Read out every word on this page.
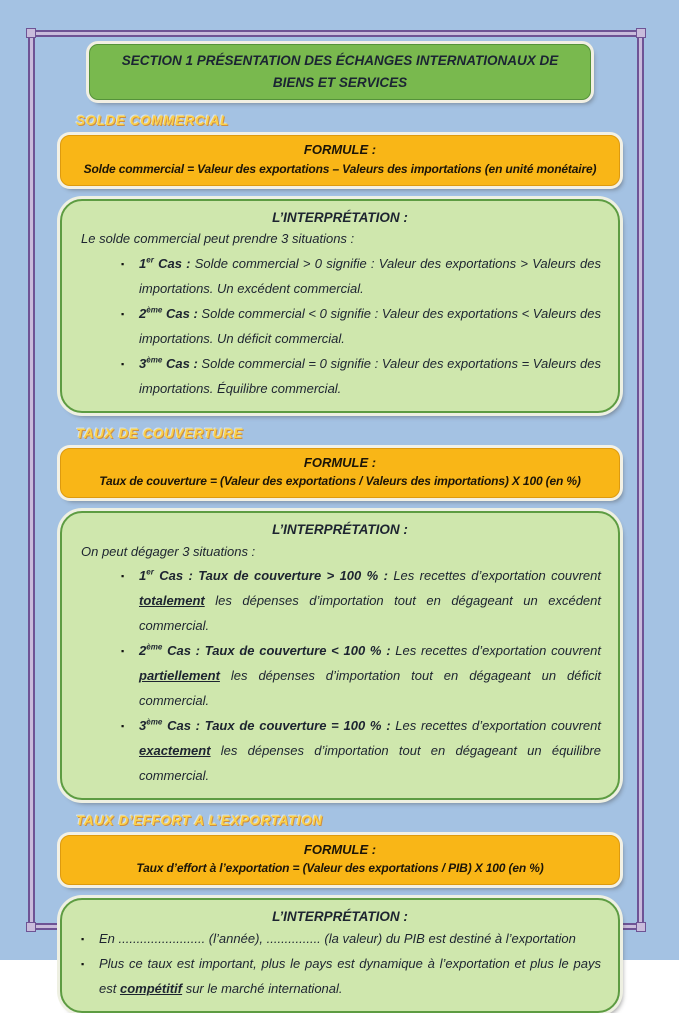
SECTION 1 PRÉSENTATION DES ÉCHANGES INTERNATIONAUX DE BIENS ET SERVICES
SOLDE COMMERCIAL
FORMULE :
Solde commercial = Valeur des exportations – Valeurs des importations (en unité monétaire)
L’INTERPRÉTATION :
Le solde commercial peut prendre 3 situations :
▪	1er Cas : Solde commercial > 0 signifie : Valeur des exportations > Valeurs des importations. Un excédent commercial.
▪	2ème Cas : Solde commercial < 0 signifie : Valeur des exportations < Valeurs des importations. Un déficit commercial.
▪	3ème Cas : Solde commercial = 0 signifie : Valeur des exportations = Valeurs des importations. Équilibre commercial.
TAUX DE COUVERTURE
FORMULE :
Taux de couverture = (Valeur des exportations / Valeurs des importations) X 100 (en %)
L’INTERPRÉTATION :
On peut dégager 3 situations :
▪	1er Cas : Taux de couverture > 100 % : Les recettes d’exportation couvrent totalement les dépenses d’importation tout en dégageant un excédent commercial.
▪	2ème Cas : Taux de couverture < 100 % : Les recettes d’exportation couvrent partiellement les dépenses d’importation tout en dégageant un déficit commercial.
▪	3ème Cas : Taux de couverture = 100 % : Les recettes d’exportation couvrent exactement les dépenses d’importation tout en dégageant un équilibre commercial.
TAUX D’EFFORT A L’EXPORTATION
FORMULE :
Taux d’effort à l’exportation = (Valeur des exportations / PIB) X 100 (en %)
L’INTERPRÉTATION :
▪	En ........................ (l’année), ............... (la valeur) du PIB est destiné à l’exportation
▪	Plus ce taux est important, plus le pays est dynamique à l’exportation et plus le pays est compétitif sur le marché international.
